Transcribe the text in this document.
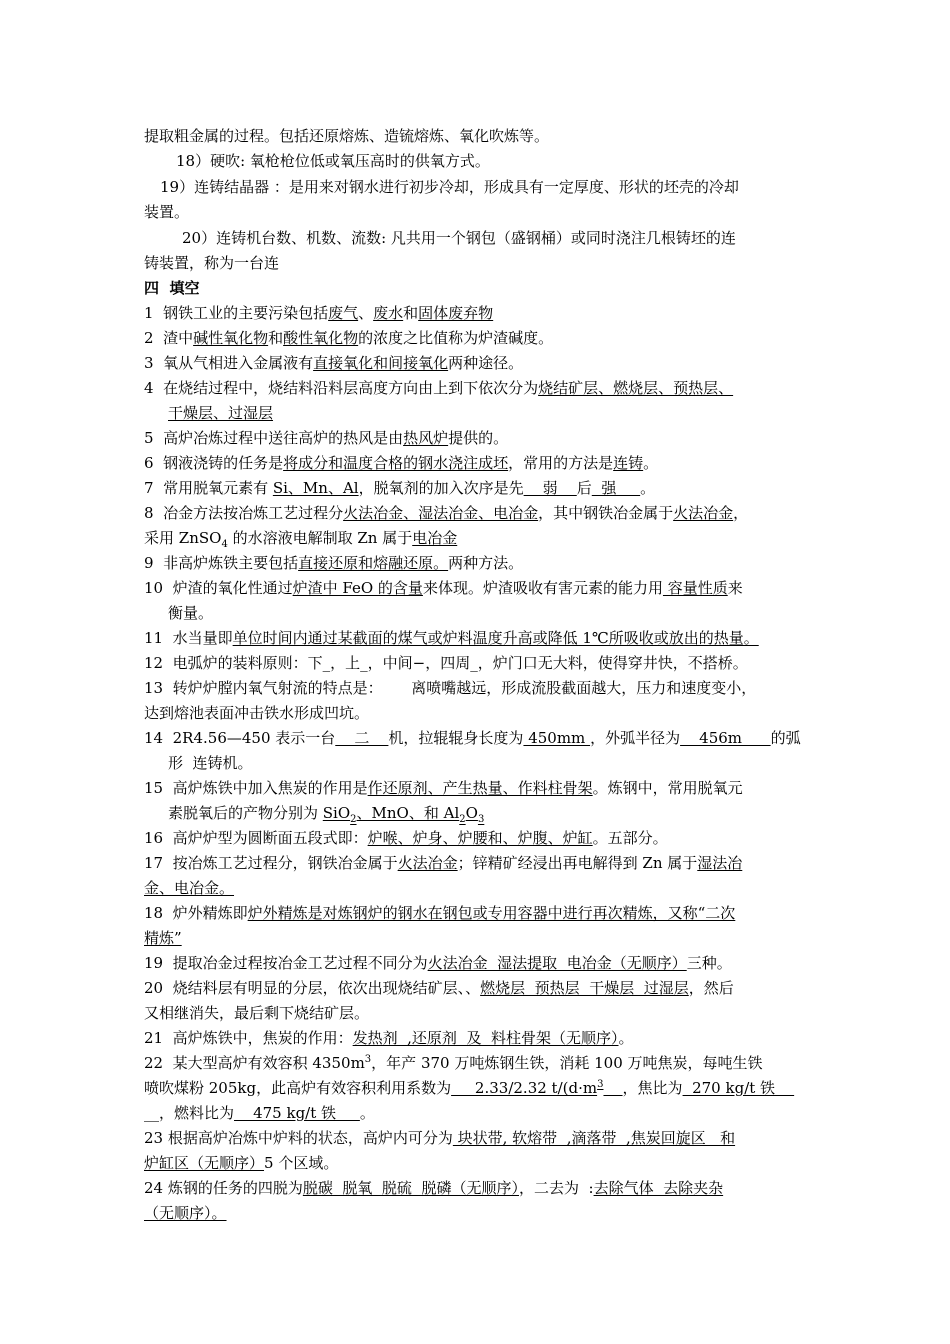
提取粗金属的过程。包括还原熔炼、造锍熔炼、氧化吹炼等。
18）硬吹: 氧枪枪位低或氧压高时的供氧方式。
19）连铸结晶器 ：是用来对钢水进行初步冷却，形成具有一定厚度、形状的坯壳的冷却
装置。
20）连铸机台数、机数、流数: 凡共用一个钢包（盛钢桶）或同时浇注几根铸坯的连
铸装置，称为一台连
四  填空
1  钢铁工业的主要污染包括废气、废水和固体废弃物
2  渣中碱性氧化物和酸性氧化物的浓度之比值称为炉渣碱度。
3  氧从气相进入金属液有直接氧化和间接氧化两种途径。
4  在烧结过程中，烧结料沿料层高度方向由上到下依次分为烧结矿层、燃烧层、预热层、
干燥层、过湿层
5  高炉冶炼过程中送往高炉的热风是由热风炉提供的。
6  钢液浇铸的任务是将成分和温度合格的钢水浇注成坯，常用的方法是连铸。
7  常用脱氧元素有 Si、Mn、Al，脱氧剂的加入次序是先    弱    后  强     。
8  冶金方法按冶炼工艺过程分火法冶金、湿法冶金、电冶金，其中钢铁冶金属于火法冶金，
采用 ZnSO$_4$ 的水溶液电解制取 Zn 属于电冶金
9  非高炉炼铁主要包括直接还原和熔融还原。两种方法。
10  炉渣的氧化性通过炉渣中 FeO 的含量来体现。炉渣吸收有害元素的能力用 容量性质来
衡量。
11  水当量即单位时间内通过某截面的煤气或炉料温度升高或降低 1℃所吸收或放出的热量。
12  电弧炉的装料原则：下_，上_，中间−，四周_，炉门口无大料，使得穿井快，不搭桥。
13  转炉炉膛内氧气射流的特点是：      离喷嘴越远，形成流股截面越大，压力和速度变小，
达到熔池表面冲击铁水形成凹坑。
14  2R4.56—450 表示一台    二    机，拉辊辊身长度为 450mm ，外弧半径为    456m      的弧
形  连铸机。
15  高炉炼铁中加入焦炭的作用是作还原剂、产生热量、作料柱骨架。炼钢中，常用脱氧元
素脱氧后的产物分别为 SiO$_2$、MnO、和 $Al_2O_3$
16  高炉炉型为圆断面五段式即：炉喉、炉身、炉腰和、炉腹、炉缸。五部分。
17  按冶炼工艺过程分，钢铁冶金属于火法冶金；锌精矿经浸出再电解得到 Zn 属于湿法冶
金、电冶金。
18  炉外精炼即炉外精炼是对炼钢炉的钢水在钢包或专用容器中进行再次精炼，又称“二次
精炼”
19  提取冶金过程按冶金工艺过程不同分为火法冶金  湿法提取  电冶金（无顺序）三种。
20  烧结料层有明显的分层，依次出现烧结矿层、、燃烧层  预热层  干燥层  过湿层，然后
又相继消失，最后剩下烧结矿层。
21  高炉炼铁中，焦炭的作用：发热剂  ,还原剂  及  料柱骨架（无顺序）。
22  某大型高炉有效容积 $4350m^3$，年产 370 万吨炼钢生铁，消耗 100 万吨焦炭，每吨生铁
喷吹煤粉 205kg，此高炉有效容积利用系数为     2.33/2.32 $t/(d\cdot m^3$ ，焦比为  270 kg/t 铁
__，燃料比为    475 kg/t 铁     。
23 根据高炉冶炼中炉料的状态，高炉内可分为 块状带, 软熔带  ,滴落带  ,焦炭回旋区   和
炉缸区（无顺序）5 个区域。
24 炼钢的任务的四脱为脱碳  脱氧  脱硫  脱磷（无顺序），二去为  :去除气体  去除夹杂
（无顺序）。
